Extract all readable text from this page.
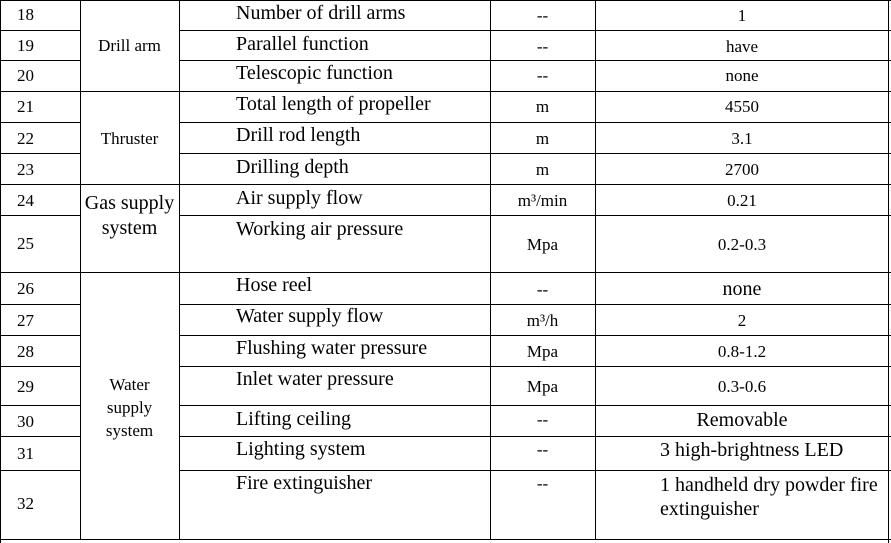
18
19
20
21
22
23
24
25
26
27
28
29
30
31
32
Drill arm
Thruster
Gas supply system
Water supply system
Number of drill arms
Parallel function
Telescopic function
Total length of propeller
Drill rod length
Drilling depth
Air supply flow
Working air pressure
Hose reel
Water supply flow
Flushing water pressure
Inlet water pressure
Lifting ceiling
Lighting system
Fire extinguisher
--
--
--
m
m
m
m³/min
Mpa
--
m³/h
Mpa
Mpa
--
--
--
1
have
none
4550
3.1
2700
0.21
0.2-0.3
none
2
0.8-1.2
0.3-0.6
Removable
3 high-brightness LED
1 handheld dry powder fire extinguisher
